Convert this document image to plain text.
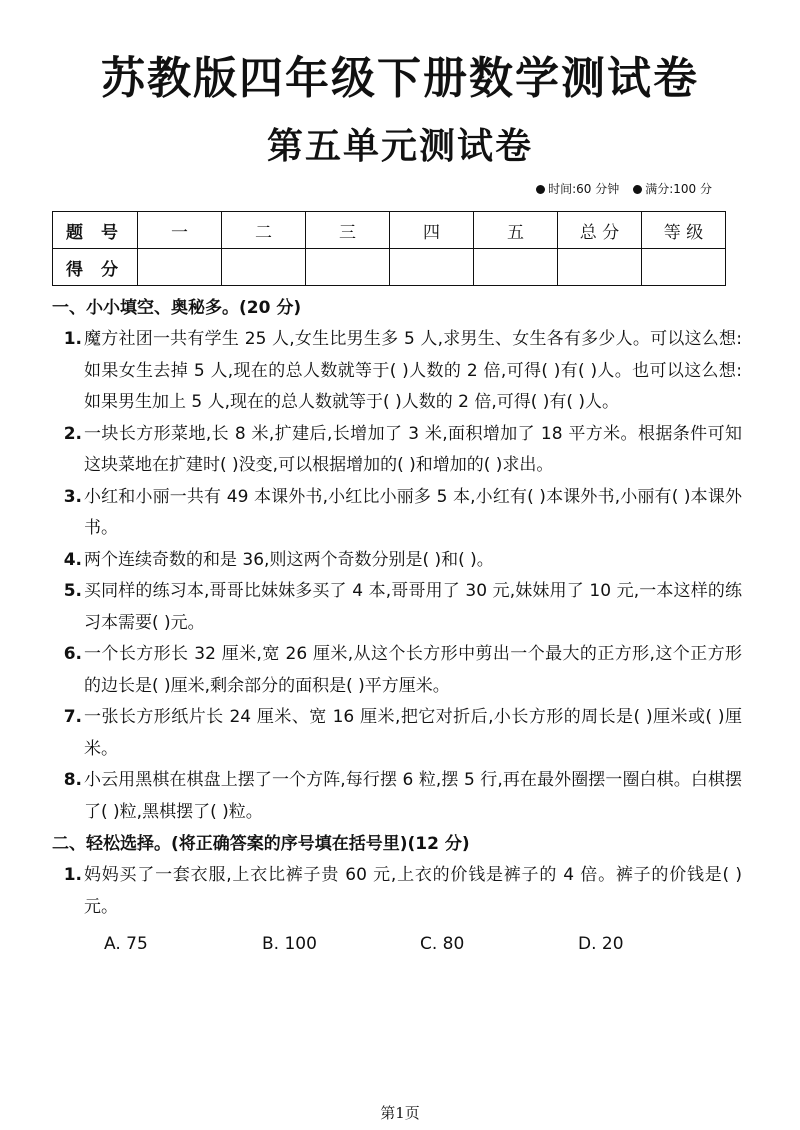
苏教版四年级下册数学测试卷
第五单元测试卷
时间:60 分钟	满分:100 分
题 号	一	二	三	四	五	总 分	等 级
得 分							
一、小小填空、奥秘多。(20 分)
1. 魔方社团一共有学生 25 人,女生比男生多 5 人,求男生、女生各有多少人。可以这么想:如果女生去掉 5 人,现在的总人数就等于( )人数的 2 倍,可得( )有( )人。也可以这么想:如果男生加上 5 人,现在的总人数就等于( )人数的 2 倍,可得( )有( )人。
2. 一块长方形菜地,长 8 米,扩建后,长增加了 3 米,面积增加了 18 平方米。根据条件可知这块菜地在扩建时( )没变,可以根据增加的( )和增加的( )求出。
3. 小红和小丽一共有 49 本课外书,小红比小丽多 5 本,小红有( )本课外书,小丽有( )本课外书。
4. 两个连续奇数的和是 36,则这两个奇数分别是( )和( )。
5. 买同样的练习本,哥哥比妹妹多买了 4 本,哥哥用了 30 元,妹妹用了 10 元,一本这样的练习本需要( )元。
6. 一个长方形长 32 厘米,宽 26 厘米,从这个长方形中剪出一个最大的正方形,这个正方形的边长是( )厘米,剩余部分的面积是( )平方厘米。
7. 一张长方形纸片长 24 厘米、宽 16 厘米,把它对折后,小长方形的周长是( )厘米或( )厘米。
8. 小云用黑棋在棋盘上摆了一个方阵,每行摆 6 粒,摆 5 行,再在最外圈摆一圈白棋。白棋摆了( )粒,黑棋摆了( )粒。
二、轻松选择。(将正确答案的序号填在括号里)(12 分)
1. 妈妈买了一套衣服,上衣比裤子贵 60 元,上衣的价钱是裤子的 4 倍。裤子的价钱是( )元。
A. 75	B. 100	C. 80	D. 20
第1页
